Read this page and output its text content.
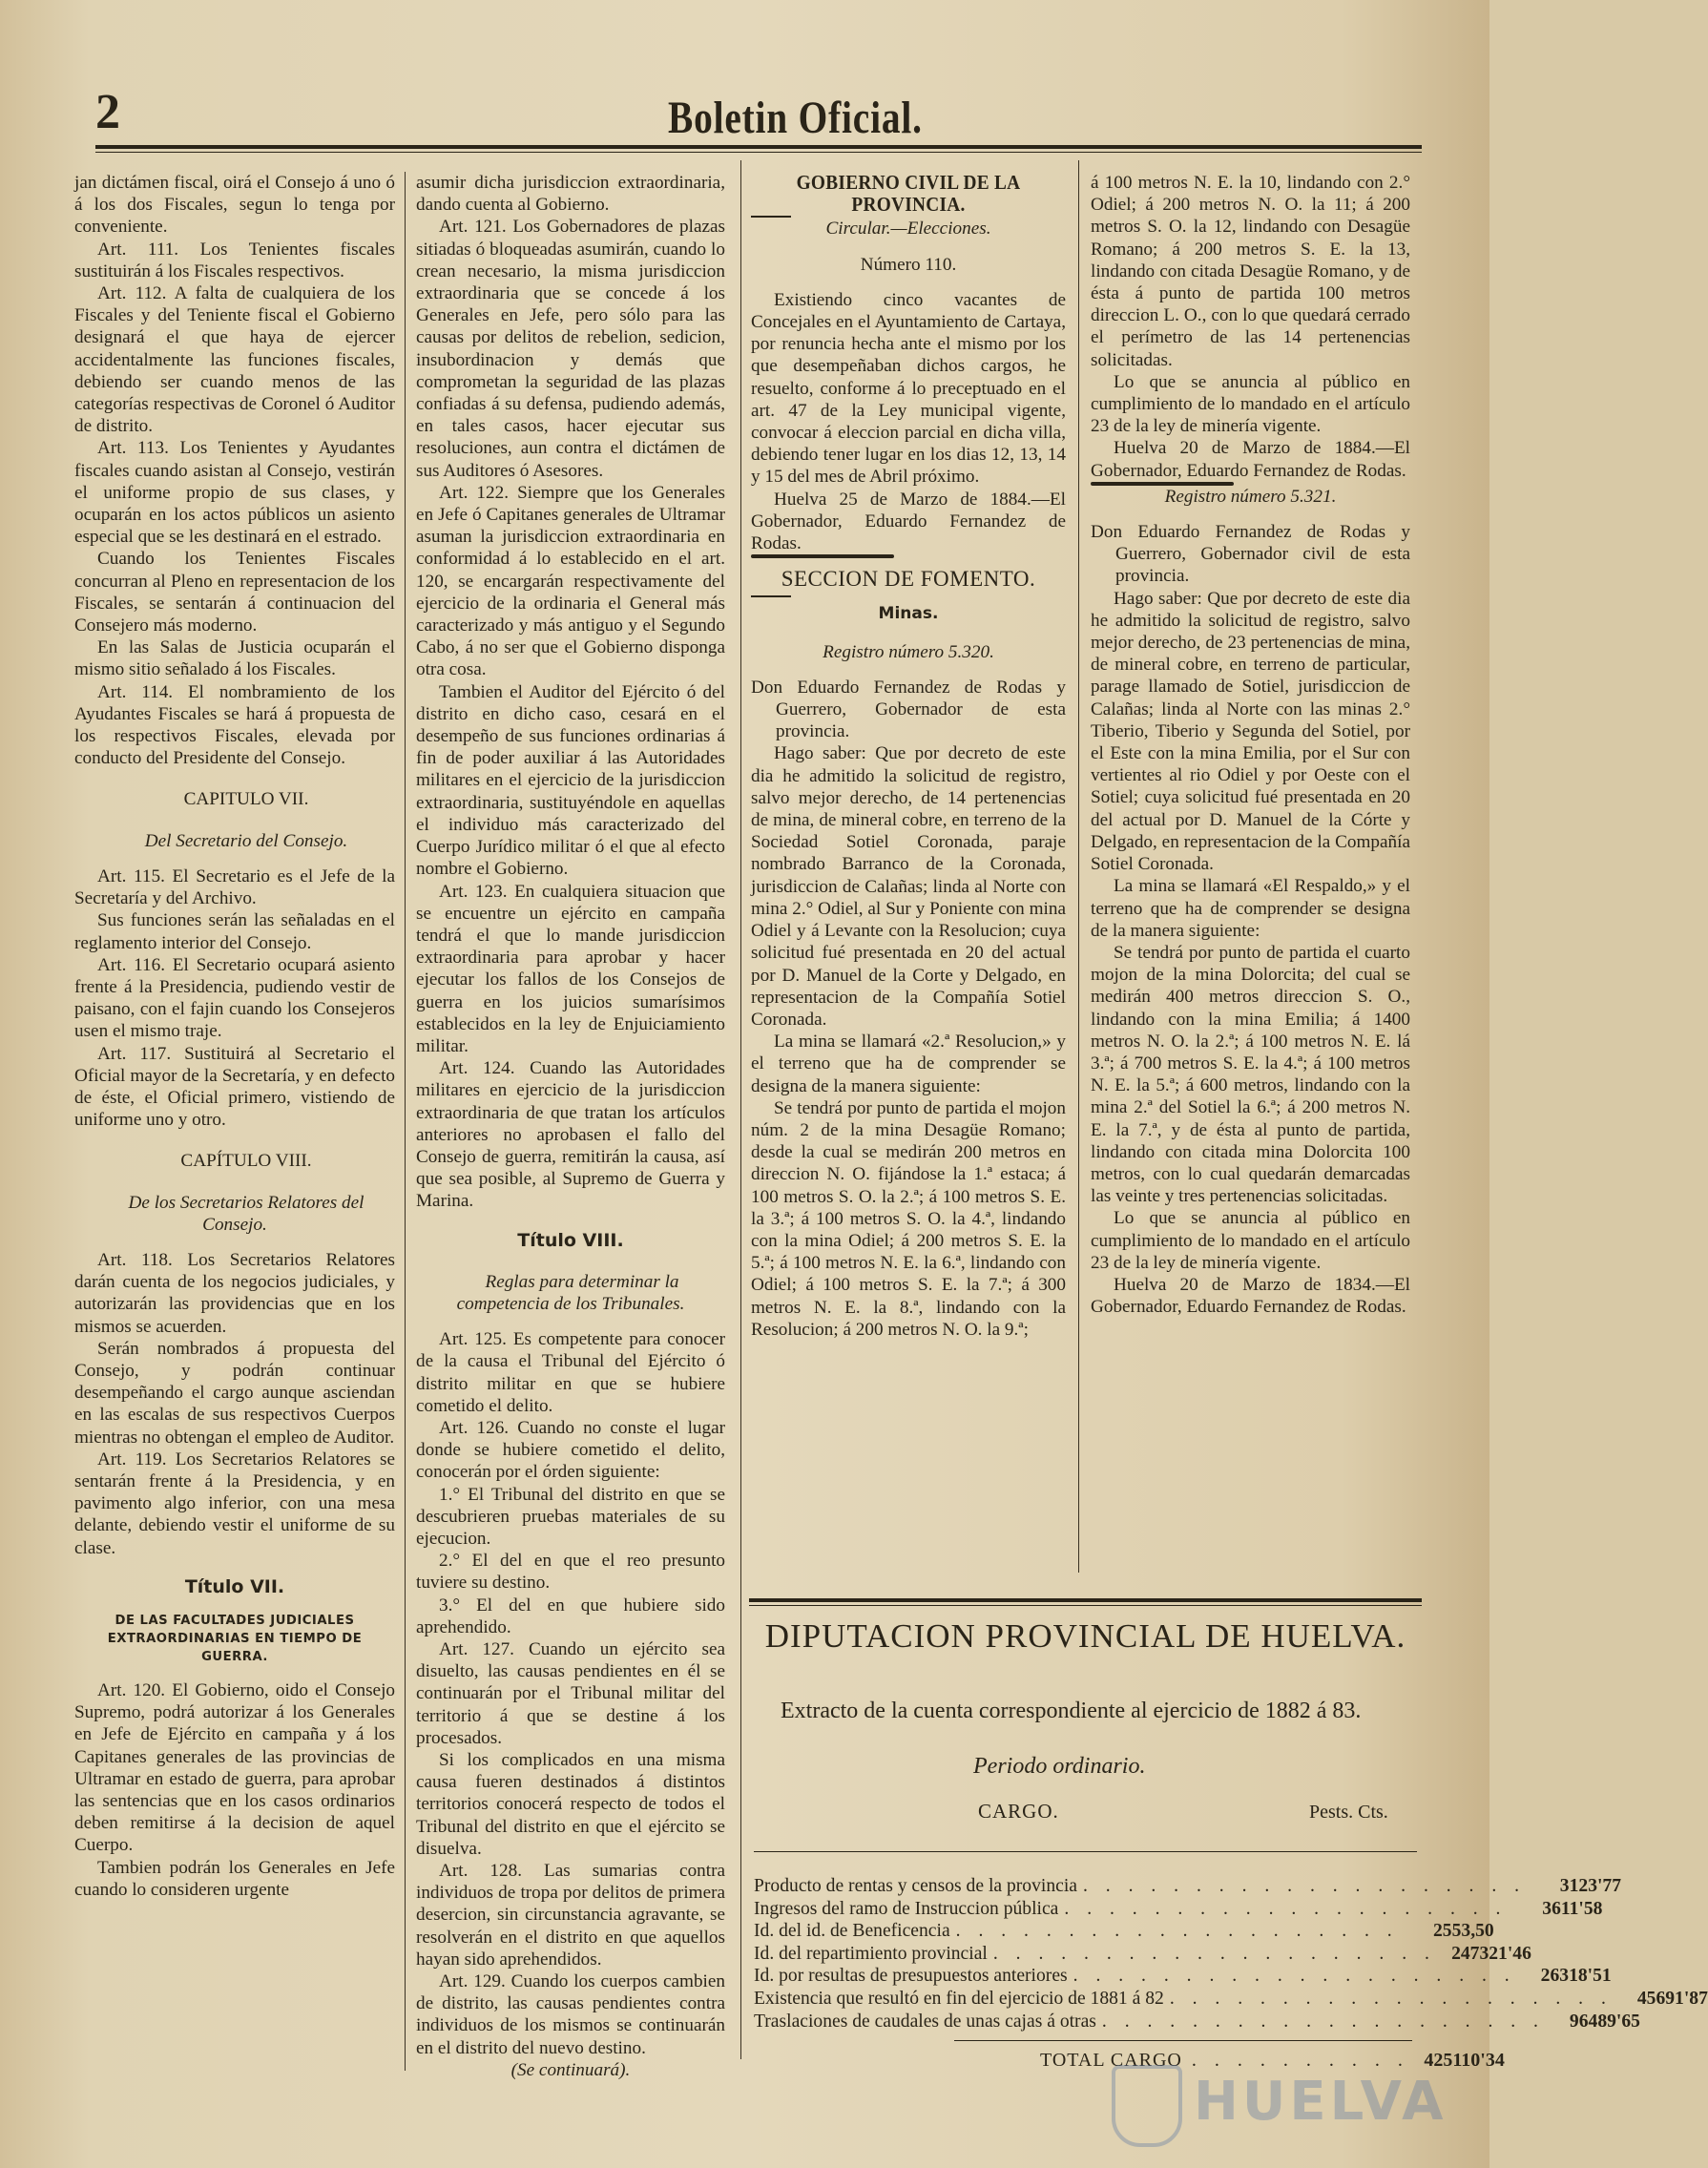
2	Boletin Oficial.

jan dictámen fiscal, oirá el Consejo á uno ó á los dos Fiscales, segun lo tenga por conveniente.

Art. 111. Los Tenientes fiscales sustituirán á los Fiscales respectivos.

Art. 112. A falta de cualquiera de los Fiscales y del Teniente fiscal el Gobierno designará el que haya de ejercer accidentalmente las funciones fiscales, debiendo ser cuando menos de las categorías respectivas de Coronel ó Auditor de distrito.

Art. 113. Los Tenientes y Ayudantes fiscales cuando asistan al Consejo, vestirán el uniforme propio de sus clases, y ocuparán en los actos públicos un asiento especial que se les destinará en el estrado.

Cuando los Tenientes Fiscales concurran al Pleno en representacion de los Fiscales, se sentarán á continuacion del Consejero más moderno.

En las Salas de Justicia ocuparán el mismo sitio señalado á los Fiscales.

Art. 114. El nombramiento de los Ayudantes Fiscales se hará á propuesta de los respectivos Fiscales, elevada por conducto del Presidente del Consejo.

CAPITULO VII.

Del Secretario del Consejo.

Art. 115. El Secretario es el Jefe de la Secretaría y del Archivo.

Sus funciones serán las señaladas en el reglamento interior del Consejo.

Art. 116. El Secretario ocupará asiento frente á la Presidencia, pudiendo vestir de paisano, con el fajin cuando los Consejeros usen el mismo traje.

Art. 117. Sustituirá al Secretario el Oficial mayor de la Secretaría, y en defecto de éste, el Oficial primero, vistiendo de uniforme uno y otro.

CAPÍTULO VIII.

De los Secretarios Relatores del Consejo.

Art. 118. Los Secretarios Relatores darán cuenta de los negocios judiciales, y autorizarán las providencias que en los mismos se acuerden.

Serán nombrados á propuesta del Consejo, y podrán continuar desempeñando el cargo aunque asciendan en las escalas de sus respectivos Cuerpos mientras no obtengan el empleo de Auditor.

Art. 119. Los Secretarios Relatores se sentarán frente á la Presidencia, y en pavimento algo inferior, con una mesa delante, debiendo vestir el uniforme de su clase.

Título VII.

DE LAS FACULTADES JUDICIALES EXTRAORDINARIAS EN TIEMPO DE GUERRA.

Art. 120. El Gobierno, oido el Consejo Supremo, podrá autorizar á los Generales en Jefe de Ejército en campaña y á los Capitanes generales de las provincias de Ultramar en estado de guerra, para aprobar las sentencias que en los casos ordinarios deben remitirse á la decision de aquel Cuerpo.

Tambien podrán los Generales en Jefe cuando lo consideren urgente

asumir dicha jurisdiccion extraordinaria, dando cuenta al Gobierno.

Art. 121. Los Gobernadores de plazas sitiadas ó bloqueadas asumirán, cuando lo crean necesario, la misma jurisdiccion extraordinaria que se concede á los Generales en Jefe, pero sólo para las causas por delitos de rebelion, sedicion, insubordinacion y demás que comprometan la seguridad de las plazas confiadas á su defensa, pudiendo además, en tales casos, hacer ejecutar sus resoluciones, aun contra el dictámen de sus Auditores ó Asesores.

Art. 122. Siempre que los Generales en Jefe ó Capitanes generales de Ultramar asuman la jurisdiccion extraordinaria en conformidad á lo establecido en el art. 120, se encargarán respectivamente del ejercicio de la ordinaria el General más caracterizado y más antiguo y el Segundo Cabo, á no ser que el Gobierno disponga otra cosa.

Tambien el Auditor del Ejército ó del distrito en dicho caso, cesará en el desempeño de sus funciones ordinarias á fin de poder auxiliar á las Autoridades militares en el ejercicio de la jurisdiccion extraordinaria, sustituyéndole en aquellas el individuo más caracterizado del Cuerpo Jurídico militar ó el que al efecto nombre el Gobierno.

Art. 123. En cualquiera situacion que se encuentre un ejército en campaña tendrá el que lo mande jurisdiccion extraordinaria para aprobar y hacer ejecutar los fallos de los Consejos de guerra en los juicios sumarísimos establecidos en la ley de Enjuiciamiento militar.

Art. 124. Cuando las Autoridades militares en ejercicio de la jurisdiccion extraordinaria de que tratan los artículos anteriores no aprobasen el fallo del Consejo de guerra, remitirán la causa, así que sea posible, al Supremo de Guerra y Marina.

Título VIII.

Reglas para determinar la competencia de los Tribunales.

Art. 125. Es competente para conocer de la causa el Tribunal del Ejército ó distrito militar en que se hubiere cometido el delito.

Art. 126. Cuando no conste el lugar donde se hubiere cometido el delito, conocerán por el órden siguiente:

1.° El Tribunal del distrito en que se descubrieren pruebas materiales de su ejecucion.

2.° El del en que el reo presunto tuviere su destino.

3.° El del en que hubiere sido aprehendido.

Art. 127. Cuando un ejército sea disuelto, las causas pendientes en él se continuarán por el Tribunal militar del territorio á que se destine á los procesados.

Si los complicados en una misma causa fueren destinados á distintos territorios conocerá respecto de todos el Tribunal del distrito en que el ejército se disuelva.

Art. 128. Las sumarias contra individuos de tropa por delitos de primera desercion, sin circunstancia agravante, se resolverán en el distrito en que aquellos hayan sido aprehendidos.

Art. 129. Cuando los cuerpos cambien de distrito, las causas pendientes contra individuos de los mismos se continuarán en el distrito del nuevo destino.

(Se continuará).

GOBIERNO CIVIL DE LA PROVINCIA.

Circular.—Elecciones.

Número 110.

Existiendo cinco vacantes de Concejales en el Ayuntamiento de Cartaya, por renuncia hecha ante el mismo por los que desempeñaban dichos cargos, he resuelto, conforme á lo preceptuado en el art. 47 de la Ley municipal vigente, convocar á eleccion parcial en dicha villa, debiendo tener lugar en los dias 12, 13, 14 y 15 del mes de Abril próximo.

Huelva 25 de Marzo de 1884.—El Gobernador, Eduardo Fernandez de Rodas.

SECCION DE FOMENTO.

Minas.

Registro número 5.320.

Don Eduardo Fernandez de Rodas y Guerrero, Gobernador de esta provincia.

Hago saber: Que por decreto de este dia he admitido la solicitud de registro, salvo mejor derecho, de 14 pertenencias de mina, de mineral cobre, en terreno de la Sociedad Sotiel Coronada, paraje nombrado Barranco de la Coronada, jurisdiccion de Calañas; linda al Norte con mina 2.° Odiel, al Sur y Poniente con mina Odiel y á Levante con la Resolucion; cuya solicitud fué presentada en 20 del actual por D. Manuel de la Corte y Delgado, en representacion de la Compañía Sotiel Coronada.

La mina se llamará «2.ª Resolucion,» y el terreno que ha de comprender se designa de la manera siguiente:

Se tendrá por punto de partida el mojon núm. 2 de la mina Desagüe Romano; desde la cual se medirán 200 metros en direccion N. O. fijándose la 1.ª estaca; á 100 metros S. O. la 2.ª; á 100 metros S. E. la 3.ª; á 100 metros S. O. la 4.ª, lindando con la mina Odiel; á 200 metros S. E. la 5.ª; á 100 metros N. E. la 6.ª, lindando con Odiel; á 100 metros S. E. la 7.ª; á 300 metros N. E. la 8.ª, lindando con la Resolucion; á 200 metros N. O. la 9.ª;

á 100 metros N. E. la 10, lindando con 2.° Odiel; á 200 metros N. O. la 11; á 200 metros S. O. la 12, lindando con Desagüe Romano; á 200 metros S. E. la 13, lindando con citada Desagüe Romano, y de ésta á punto de partida 100 metros direccion L. O., con lo que quedará cerrado el perímetro de las 14 pertenencias solicitadas.

Lo que se anuncia al público en cumplimiento de lo mandado en el artículo 23 de la ley de minería vigente.

Huelva 20 de Marzo de 1884.—El Gobernador, Eduardo Fernandez de Rodas.

Registro número 5.321.

Don Eduardo Fernandez de Rodas y Guerrero, Gobernador civil de esta provincia.

Hago saber: Que por decreto de este dia he admitido la solicitud de registro, salvo mejor derecho, de 23 pertenencias de mina, de mineral cobre, en terreno de particular, parage llamado de Sotiel, jurisdiccion de Calañas; linda al Norte con las minas 2.° Tiberio, Tiberio y Segunda del Sotiel, por el Este con la mina Emilia, por el Sur con vertientes al rio Odiel y por Oeste con el Sotiel; cuya solicitud fué presentada en 20 del actual por D. Manuel de la Córte y Delgado, en representacion de la Compañía Sotiel Coronada.

La mina se llamará «El Respaldo,» y el terreno que ha de comprender se designa de la manera siguiente:

Se tendrá por punto de partida el cuarto mojon de la mina Dolorcita; del cual se medirán 400 metros direccion S. O., lindando con la mina Emilia; á 1400 metros N. O. la 2.ª; á 100 metros N. E. lá 3.ª; á 700 metros S. E. la 4.ª; á 100 metros N. E. la 5.ª; á 600 metros, lindando con la mina 2.ª del Sotiel la 6.ª; á 200 metros N. E. la 7.ª, y de ésta al punto de partida, lindando con citada mina Dolorcita 100 metros, con lo cual quedarán demarcadas las veinte y tres pertenencias solicitadas.

Lo que se anuncia al público en cumplimiento de lo mandado en el artículo 23 de la ley de minería vigente.

Huelva 20 de Marzo de 1834.—El Gobernador, Eduardo Fernandez de Rodas.

DIPUTACION PROVINCIAL DE HUELVA.
Extracto de la cuenta correspondiente al ejercicio de 1882 á 83.
Periodo ordinario.
CARGO.	Pests. Cts.
Producto de rentas y censos de la provincia . . . . . . . . . . . . . . . . . . . .	3123'77
Ingresos del ramo de Instruccion pública . . . . . . . . . . . . . . . . . . . .	3611'58
Id. del id. de Beneficencia . . . . . . . . . . . . . . . . . . . .	2553,50
Id. del repartimiento provincial . . . . . . . . . . . . . . . . . . . . 247321'46
Id. por resultas de presupuestos anteriores . . . . . . . . . . . . . . . . . . . .	26318'51
Existencia que resultó en fin del ejercicio de 1881 á 82 . . . . . . . . . . . . . . . . . . . .	45691'87
Traslaciones de caudales de unas cajas á otras . . . . . . . . . . . . . . . . . . . .	96489'65
TOTAL CARGO . . . . . . . . . . 425110'34
HUELVA
